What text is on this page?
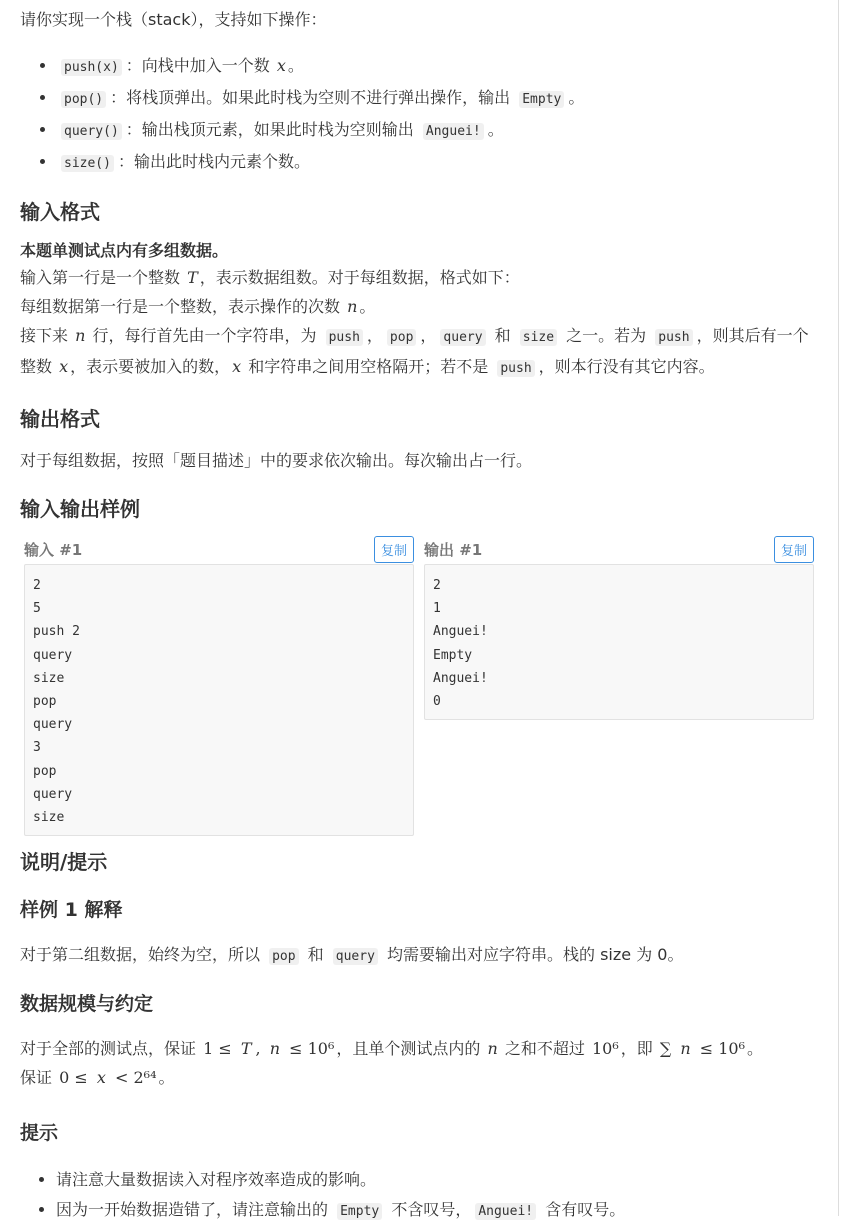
请你实现一个栈（stack），支持如下操作：

• push(x) ：向栈中加入一个数 x 。
• pop() ：将栈顶弹出。如果此时栈为空则不进行弹出操作，输出 Empty 。
• query() ：输出栈顶元素，如果此时栈为空则输出 Anguei! 。
• size() ：输出此时栈内元素个数。
输入格式

本题单测试点内有多组数据。

输入第一行是一个整数 T ，表示数据组数。对于每组数据，格式如下：

每组数据第一行是一个整数，表示操作的次数 n 。

接下来 n 行，每行首先由一个字符串，为 push ， pop ， query 和 size 之一。若为 push ，则其后有一个整数 x ，表示要被加入的数， x 和字符串之间用空格隔开；若不是 push ，则本行没有其它内容。

输出格式

对于每组数据，按照「题目描述」中的要求依次输出。每次输出占一行。

输入输出样例
输入 #1	复制
2
5
push 2
query
size
pop
query
3
pop
query
size
输出 #1	复制
2
1
Anguei!
Empty
Anguei!
0
说明/提示
样例 1 解释

对于第二组数据，始终为空，所以 pop 和 query 均需要输出对应字符串。栈的 size 为 0。

数据规模与约定

对于全部的测试点，保证 1 ≤ T , n ≤ 10⁶ ，且单个测试点内的 n 之和不超过 10⁶ ，即 ∑ n ≤ 10⁶ 。

保证 0 ≤ x < 2⁶⁴ 。

提示
• 请注意大量数据读入对程序效率造成的影响。
• 因为一开始数据造错了，请注意输出的 Empty 不含叹号， Anguei! 含有叹号。
